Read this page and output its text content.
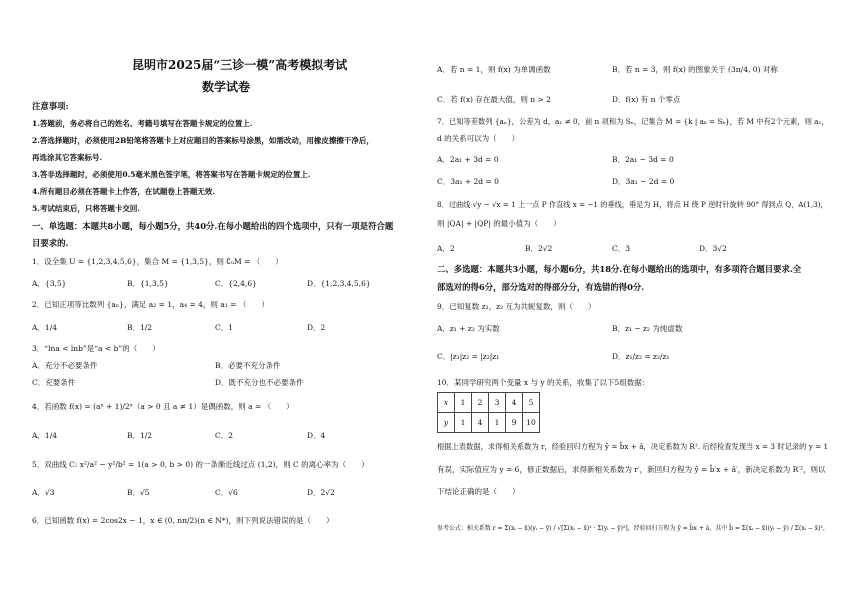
昆明市2025届“三诊一模”高考模拟考试
数学试卷
注意事项:
1.答题前，务必将自己的姓名、考籍号填写在答题卡规定的位置上.
2.答选择题时，必须使用2B铅笔将答题卡上对应题目的答案标号涂黑，如需改动，用橡皮擦擦干净后，
再选涂其它答案标号.
3.答非选择题时，必须使用0.5毫米黑色签字笔，将答案书写在答题卡规定的位置上.
4.所有题目必须在答题卡上作答，在试题卷上答题无效.
5.考试结束后，只将答题卡交回.
一、单选题：本题共8小题，每小题5分，共40分.在每小题给出的四个选项中，只有一项是符合题
目要求的.
1．设全集 U = {1,2,3,4,5,6}，集合 M = {1,3,5}，则 ∁ᵤM = （　　）
A．{3,5}	B．{1,3,5}	C．{2,4,6}	D．{1,2,3,4,5,6}
2．已知正项等比数列 {aₙ}，满足 a₂ = 1，a₄ = 4，则 a₁ = （　　）
A．1/4	B．1/2	C．1	D．2
3．“lna < lnb”是“a < b”的（　　）
A．充分不必要条件	B．必要不充分条件
C．充要条件	D．既不充分也不必要条件
4．若函数 f(x) = (aˣ + 1)/2ˣ（a > 0 且 a ≠ 1）是偶函数，则 a = （　　）
A．1/4	B．1/2	C．2	D．4
5．双曲线 C: x²/a² − y²/b² = 1(a > 0, b > 0) 的一条渐近线过点 (1,2)，则 C 的离心率为（　　）
A．√3	B．√5	C．√6	D．2√2
6．已知函数 f(x) = 2cos2x − 1，x ∈ (0, nπ/2)(n ∈ N*)，则下列说法错误的是（　　）
A．若 n = 1，则 f(x) 为单调函数	B．若 n = 3，则 f(x) 的图象关于 (3π/4, 0) 对称
C．若 f(x) 存在最大值，则 n > 2	D．f(x) 有 n 个零点
7．已知等差数列 {aₙ}，公差为 d，a₁ ≠ 0，前 n 项和为 Sₙ，记集合 M = {k | aₖ = Sₖ}，若 M 中有2个元素，则 a₁，
d 的关系可以为（　　）
A．2a₁ + 3d = 0	B．2a₁ − 3d = 0
C．3a₁ + 2d = 0	D．3a₁ − 2d = 0
8．过曲线 √y − √x = 1 上一点 P 作直线 x = −1 的垂线，垂足为 H，将点 H 绕 P 逆时针旋转 90° 得到点 Q，A(1,3)，
则 |QA| + |QP| 的最小值为（　　）
A．2	B．2√2	C．3	D．3√2
二、多选题：本题共3小题，每小题6分，共18分.在每小题给出的选项中，有多项符合题目要求.全
部选对的得6分，部分选对的得部分分，有选错的得0分.
9．已知复数 z₁，z₂ 互为共轭复数，则（　　）
A．z₁ + z₂ 为实数	B．z₁ − z₂ 为纯虚数
C．|z₁|z₂ = |z₂|z₁	D．z₁/z₂ = z₂/z₁
10．某同学研究两个变量 x 与 y 的关系，收集了以下5组数据：
x	1	2	3	4	5
y	1	4	1	9	10
根据上表数据，求得相关系数为 r，经验回归方程为 ŷ = b̂x + â，决定系数为 R². 后经检查发现当 x = 3 时记录的 y = 1
有误，实际值应为 y = 6，修正数据后，求得新相关系数为 r′，新回归方程为 ŷ = b̂′x + â′，新决定系数为 R′²，则以
下结论正确的是（　　）
参考公式：相关系数 r = Σ(xᵢ − x̄)(yᵢ − ȳ) / √[Σ(xᵢ − x̄)² · Σ(yᵢ − ȳ)²]，经验回归方程为 ŷ = b̂x + â，其中 b̂ = Σ(xᵢ − x̄)(yᵢ − ȳ) / Σ(xᵢ − x̄)²，
